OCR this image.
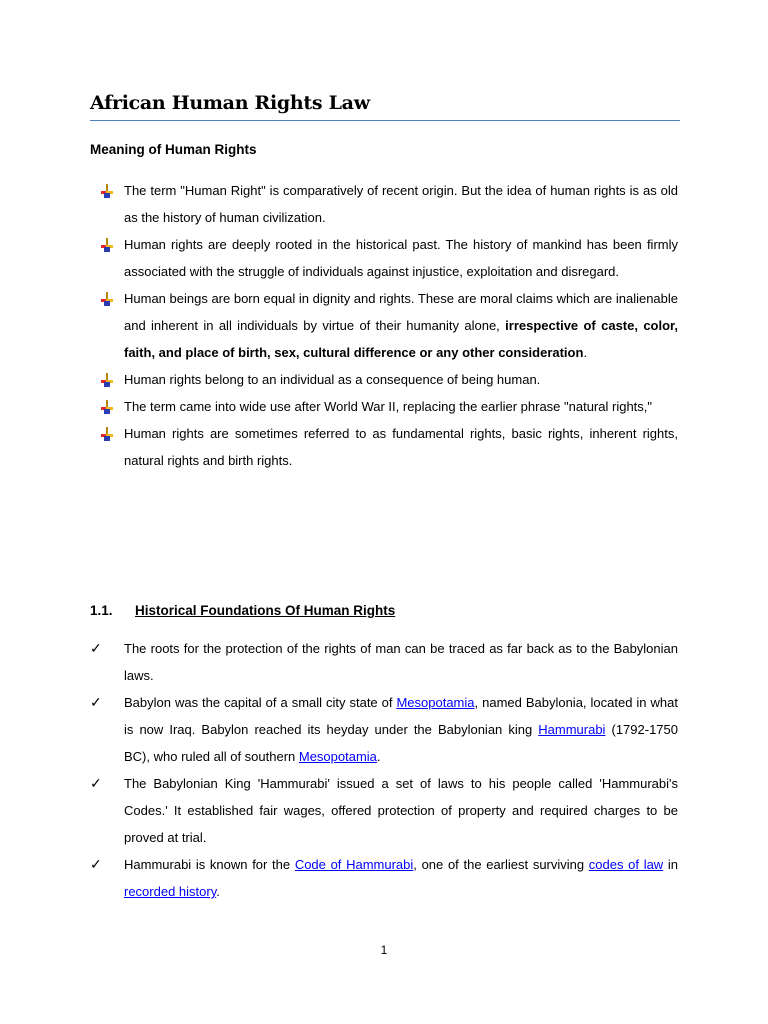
African Human Rights Law
Meaning of Human Rights
The term "Human Right" is comparatively of recent origin. But the idea of human rights is as old as the history of human civilization.
Human rights are deeply rooted in the historical past. The history of mankind has been firmly associated with the struggle of individuals against injustice, exploitation and disregard.
Human beings are born equal in dignity and rights. These are moral claims which are inalienable and inherent in all individuals by virtue of their humanity alone, irrespective of caste, color, faith, and place of birth, sex, cultural difference or any other consideration.
Human rights belong to an individual as a consequence of being human.
The term came into wide use after World War II, replacing the earlier phrase "natural rights,"
Human rights are sometimes referred to as fundamental rights, basic rights, inherent rights, natural rights and birth rights.
1.1. Historical Foundations Of Human Rights
✓ The roots for the protection of the rights of man can be traced as far back as to the Babylonian laws.
✓ Babylon was the capital of a small city state of Mesopotamia, named Babylonia, located in what is now Iraq. Babylon reached its heyday under the Babylonian king Hammurabi (1792-1750 BC), who ruled all of southern Mesopotamia.
✓ The Babylonian King 'Hammurabi' issued a set of laws to his people called 'Hammurabi's Codes.' It established fair wages, offered protection of property and required charges to be proved at trial.
✓ Hammurabi is known for the Code of Hammurabi, one of the earliest surviving codes of law in recorded history.
1
